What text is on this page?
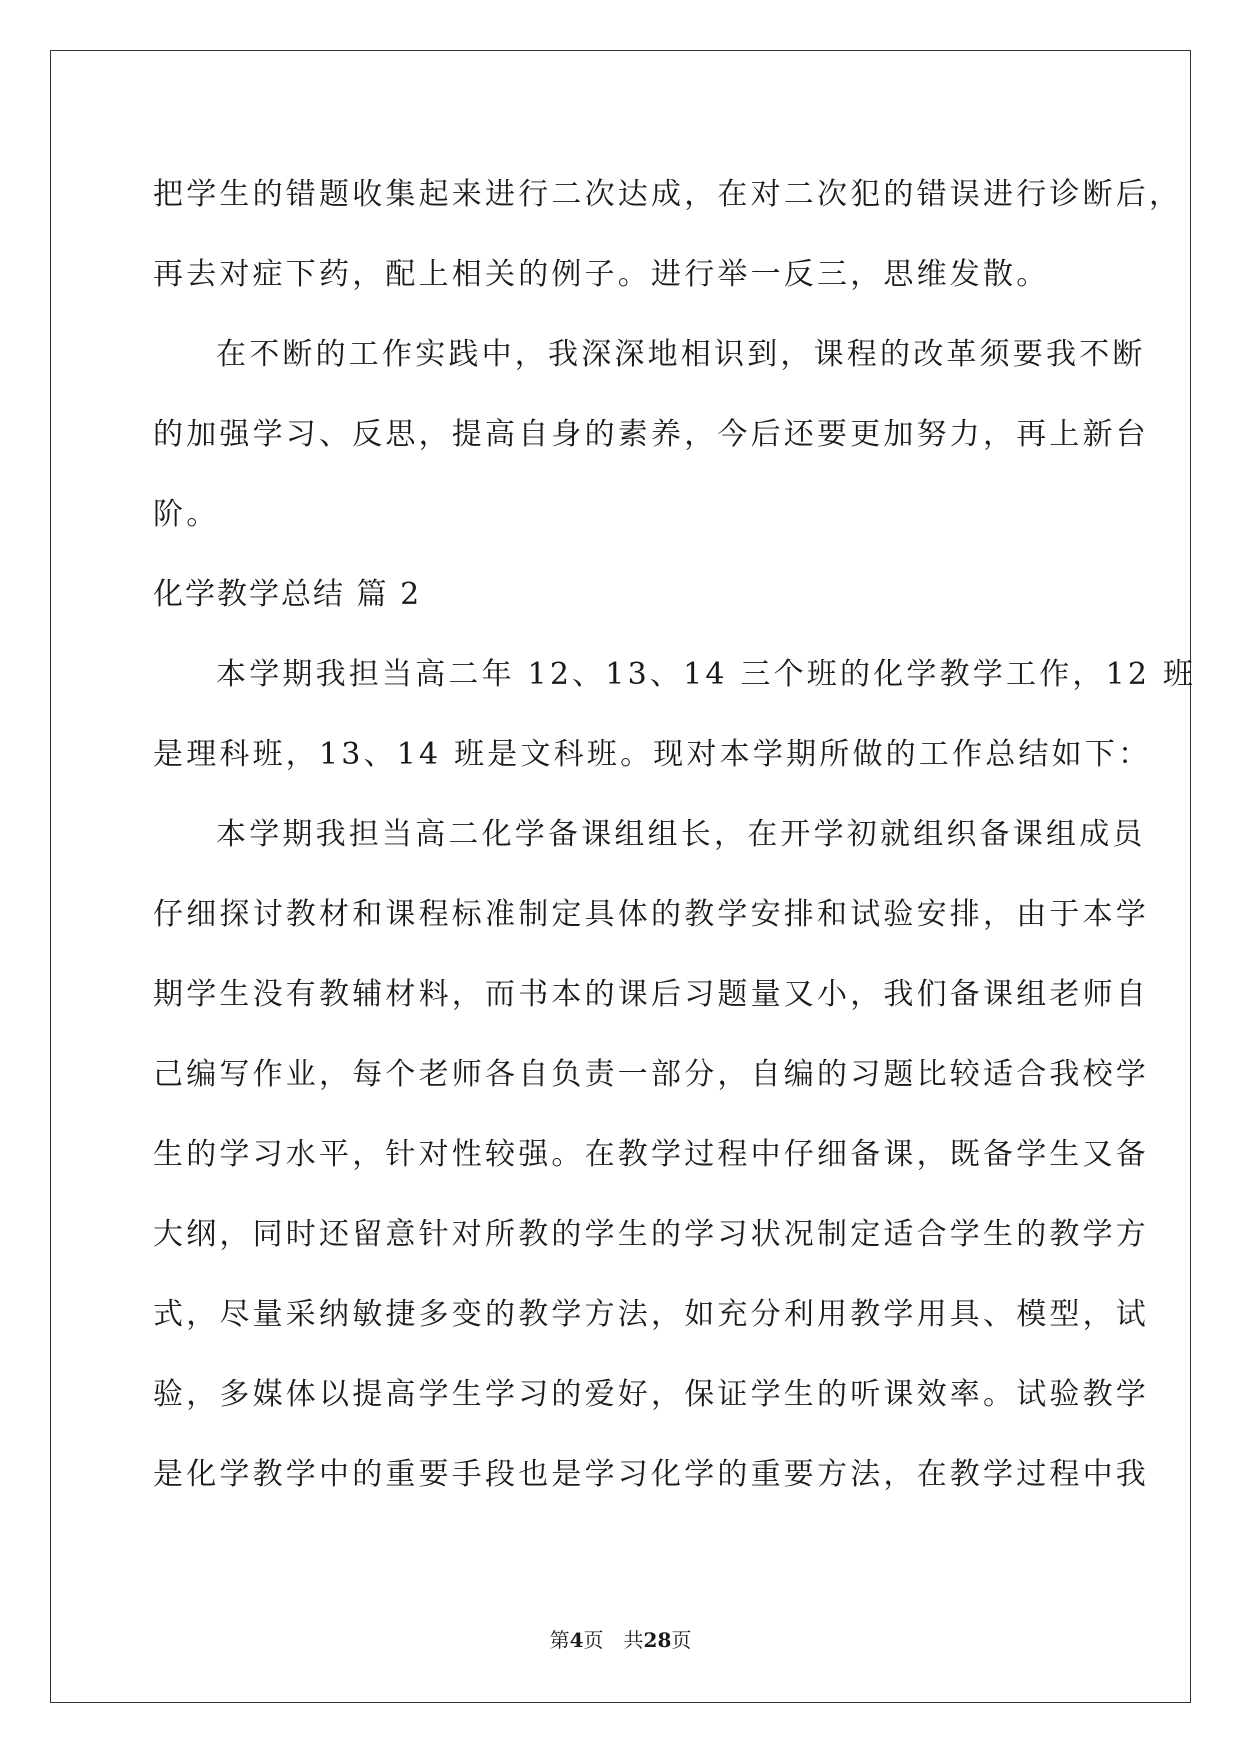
把学生的错题收集起来进行二次达成，在对二次犯的错误进行诊断后，
再去对症下药，配上相关的例子。进行举一反三，思维发散。
在不断的工作实践中，我深深地相识到，课程的改革须要我不断
的加强学习、反思，提高自身的素养，今后还要更加努力，再上新台
阶。
化学教学总结 篇 2
本学期我担当高二年 12、13、14 三个班的化学教学工作，12 班
是理科班，13、14 班是文科班。现对本学期所做的工作总结如下：
本学期我担当高二化学备课组组长，在开学初就组织备课组成员
仔细探讨教材和课程标准制定具体的教学安排和试验安排，由于本学
期学生没有教辅材料，而书本的课后习题量又小，我们备课组老师自
己编写作业，每个老师各自负责一部分，自编的习题比较适合我校学
生的学习水平，针对性较强。在教学过程中仔细备课，既备学生又备
大纲，同时还留意针对所教的学生的学习状况制定适合学生的教学方
式，尽量采纳敏捷多变的教学方法，如充分利用教学用具、模型，试
验，多媒体以提高学生学习的爱好，保证学生的听课效率。试验教学
是化学教学中的重要手段也是学习化学的重要方法，在教学过程中我
第4页 共28页
